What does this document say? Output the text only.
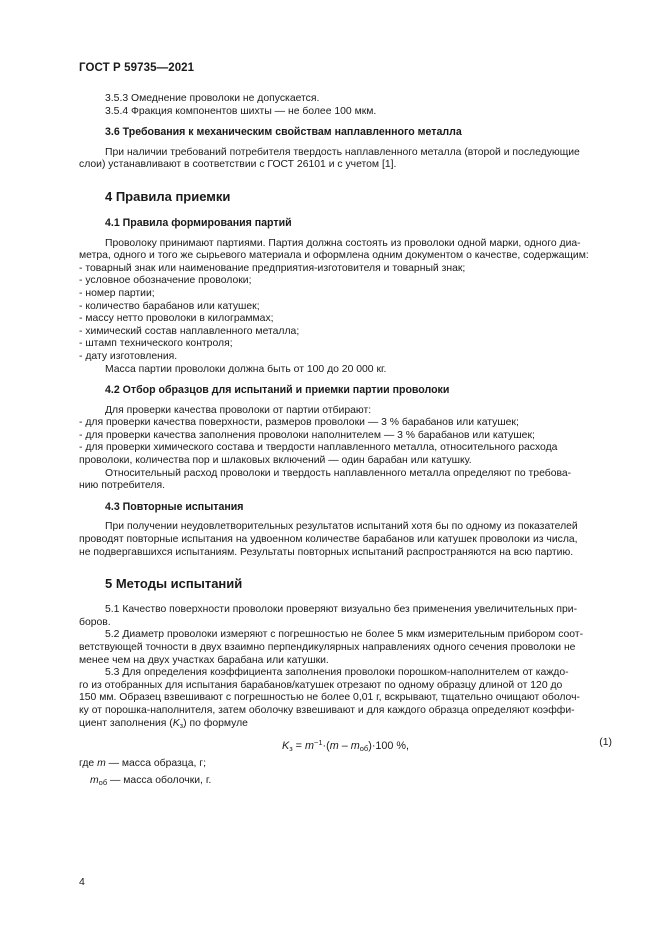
ГОСТ Р 59735—2021

3.5.3 Омеднение проволоки не допускается.

3.5.4 Фракция компонентов шихты — не более 100 мкм.

3.6 Требования к механическим свойствам наплавленного металла

При наличии требований потребителя твердость наплавленного металла (второй и последующие
слои) устанавливают в соответствии с ГОСТ 26101 и с учетом [1].

4 Правила приемки

4.1 Правила формирования партий

Проволоку принимают партиями. Партия должна состоять из проволоки одной марки, одного диа-
метра, одного и того же сырьевого материала и оформлена одним документом о качестве, содержащим:

- товарный знак или наименование предприятия-изготовителя и товарный знак;
- условное обозначение проволоки;
- номер партии;
- количество барабанов или катушек;
- массу нетто проволоки в килограммах;
- химический состав наплавленного металла;
- штамп технического контроля;
- дату изготовления.

Масса партии проволоки должна быть от 100 до 20 000 кг.

4.2 Отбор образцов для испытаний и приемки партии проволоки

Для проверки качества проволоки от партии отбирают:
- для проверки качества поверхности, размеров проволоки — 3 % барабанов или катушек;
- для проверки качества заполнения проволоки наполнителем — 3 % барабанов или катушек;
- для проверки химического состава и твердости наплавленного металла, относительного расхода
проволоки, количества пор и шлаковых включений — один барабан или катушку.
Относительный расход проволоки и твердость наплавленного металла определяют по требова-
нию потребителя.

4.3 Повторные испытания

При получении неудовлетворительных результатов испытаний хотя бы по одному из показателей
проводят повторные испытания на удвоенном количестве барабанов или катушек проволоки из числа,
не подвергавшихся испытаниям. Результаты повторных испытаний распространяются на всю партию.

5 Методы испытаний

5.1 Качество поверхности проволоки проверяют визуально без применения увеличительных при-
боров.

5.2 Диаметр проволоки измеряют с погрешностью не более 5 мкм измерительным прибором соот-
ветствующей точности в двух взаимно перпендикулярных направлениях одного сечения проволоки не
менее чем на двух участках барабана или катушки.

5.3 Для определения коэффициента заполнения проволоки порошком-наполнителем от каждо-
го из отобранных для испытания барабанов/катушек отрезают по одному образцу длиной от 120 до
150 мм. Образец взвешивают с погрешностью не более 0,01 г, вскрывают, тщательно очищают оболоч-
ку от порошка-наполнителя, затем оболочку взвешивают и для каждого образца определяют коэффи-
циент заполнения $(K_з)$ по формуле

$K_з = m^{-1}\cdot(m - m_{об})\cdot 100$ %,	(1)

где m — масса образца, г;

$m_{об}$ — масса оболочки, г.

4
